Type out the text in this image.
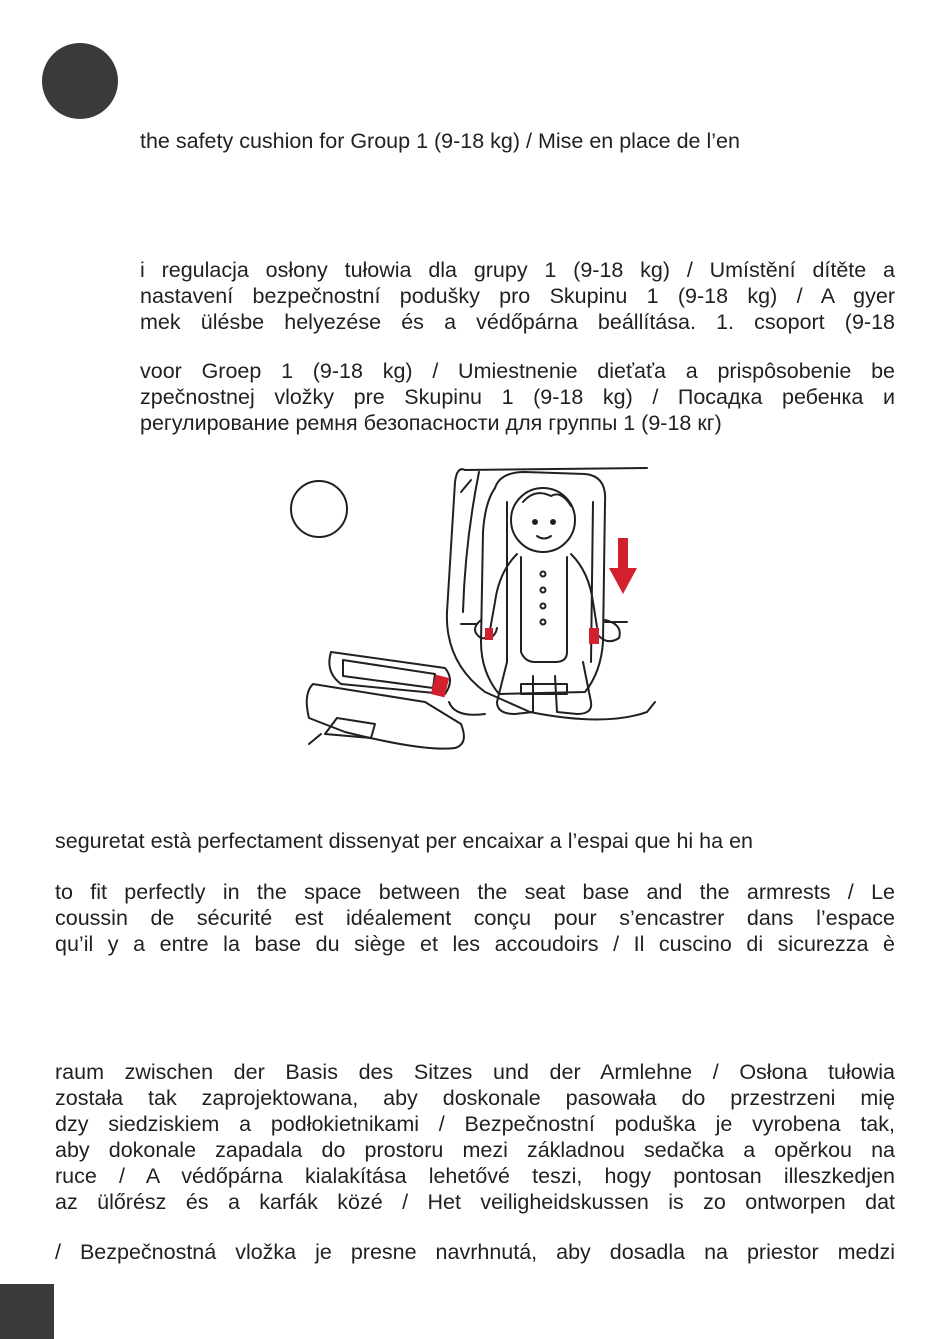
the safety cushion for Group 1 (9-18 kg) / Mise en place de l’en
i regulacja osłony tułowia dla grupy 1 (9-18 kg) / Umístění dítěte a
nastavení bezpečnostní podušky pro Skupinu 1 (9-18 kg) / A gyer
mek ülésbe helyezése és a védőpárna beállítása. 1. csoport (9-18
voor Groep 1 (9-18 kg) / Umiestnenie dieťaťa a prispôsobenie be
zpečnostnej vložky pre Skupinu 1 (9-18 kg) / Посадка ребенка и
регулирование ремня безопасности для группы 1 (9-18 кг)
seguretat està perfectament dissenyat per encaixar a l’espai que hi ha en
to fit perfectly in the space between the seat base and the armrests / Le
coussin de sécurité est idéalement conçu pour s’encastrer dans l’espace
qu’il y a entre la base du siège et les accoudoirs / Il cuscino di sicurezza è
raum zwischen der Basis des Sitzes und der Armlehne / Osłona tułowia
została tak zaprojektowana, aby doskonale pasowała do przestrzeni mię
dzy siedziskiem a podłokietnikami / Bezpečnostní poduška je vyrobena tak,
aby dokonale zapadala do prostoru mezi základnou sedačka a opěrkou na
ruce / A védőpárna kialakítása lehetővé teszi, hogy pontosan illeszkedjen
az ülőrész és a karfák közé / Het veiligheidskussen is zo ontworpen dat
/ Bezpečnostná vložka je presne navrhnutá, aby dosadla na priestor medzi
